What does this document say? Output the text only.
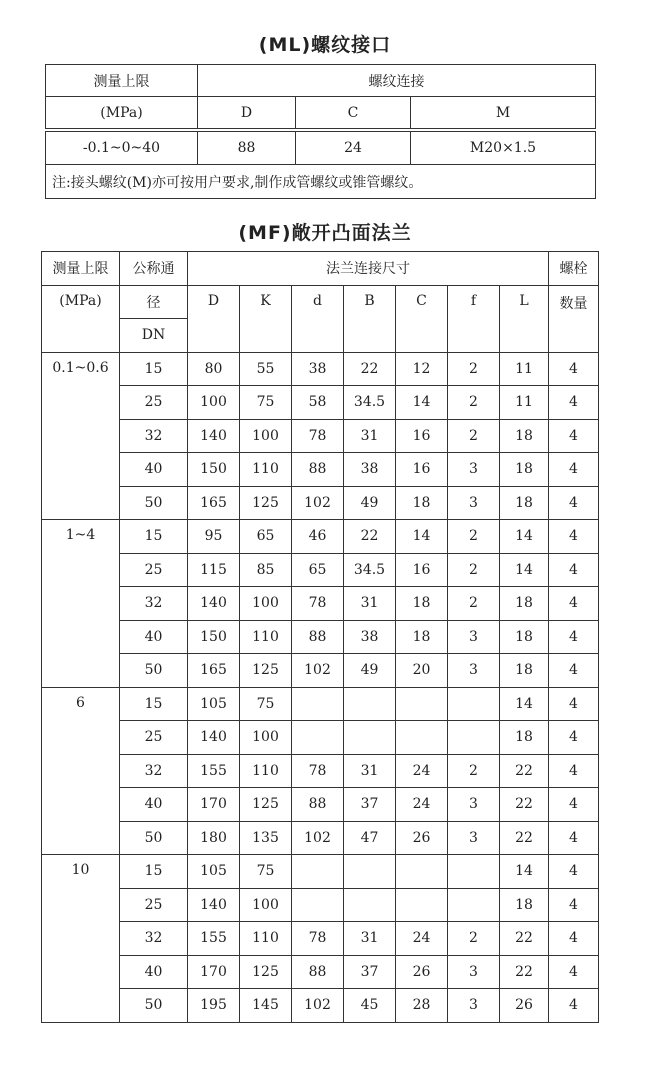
(ML)螺纹接口
测量上限	螺纹连接		
(MPa)	D	C	M

-0.1~0~40	88	24	M20×1.5
注:接头螺纹(M)亦可按用户要求,制作成管螺纹或锥管螺纹。			
(MF)敞开凸面法兰
测量上限	公称通	法兰连接尺寸							螺栓
(MPa)	径	D	K	d	B	C	f	L	数量
	DN								
0.1~0.6	15	80	55	38	22	12	2	11	4
	25	100	75	58	34.5	14	2	11	4
	32	140	100	78	31	16	2	18	4
	40	150	110	88	38	16	3	18	4
	50	165	125	102	49	18	3	18	4
1~4	15	95	65	46	22	14	2	14	4
	25	115	85	65	34.5	16	2	14	4
	32	140	100	78	31	18	2	18	4
	40	150	110	88	38	18	3	18	4
	50	165	125	102	49	20	3	18	4
6	15	105	75					14	4
	25	140	100					18	4
	32	155	110	78	31	24	2	22	4
	40	170	125	88	37	24	3	22	4
	50	180	135	102	47	26	3	22	4
10	15	105	75					14	4
	25	140	100					18	4
	32	155	110	78	31	24	2	22	4
	40	170	125	88	37	26	3	22	4
	50	195	145	102	45	28	3	26	4
